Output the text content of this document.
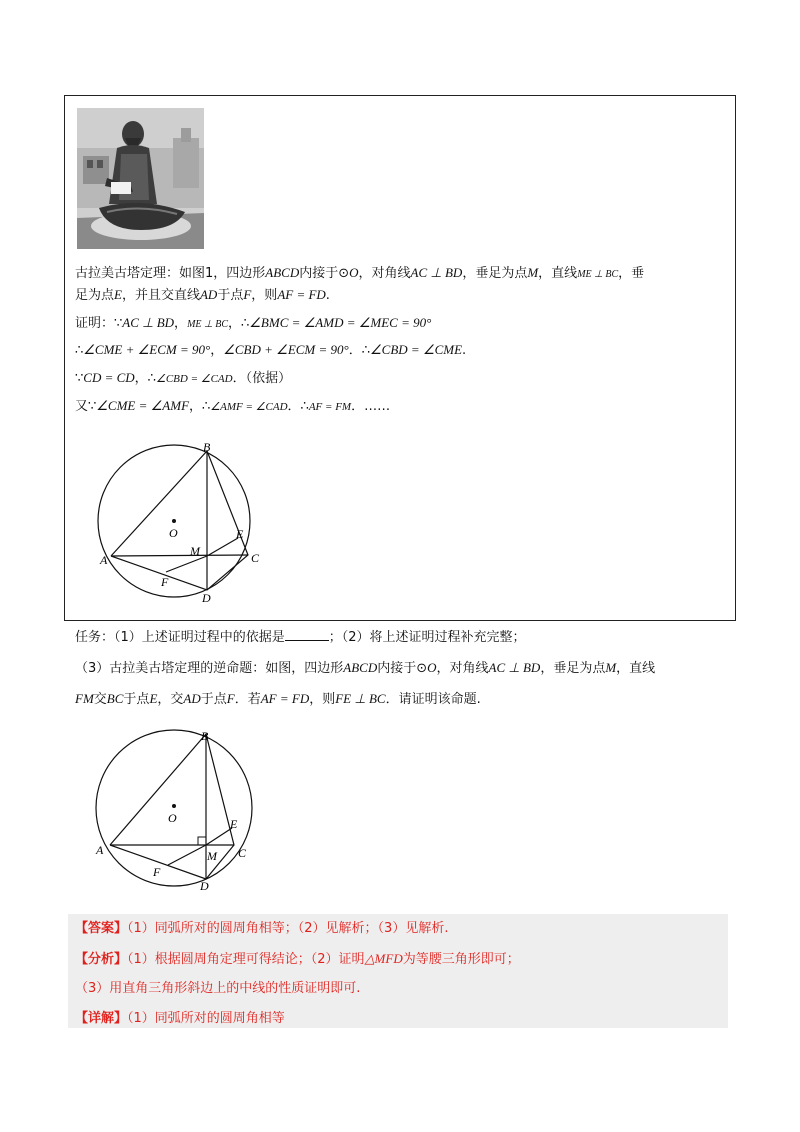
古拉美古塔定理：如图1，四边形ABCD内接于⊙O，对角线AC ⊥ BD，垂足为点M，直线ME ⊥ BC，垂
足为点E，并且交直线AD于点F，则AF = FD.
证明：∵AC ⊥ BD，ME ⊥ BC，∴∠BMC = ∠AMD = ∠MEC = 90°
∴∠CME + ∠ECM = 90°，∠CBD + ∠ECM = 90°．∴∠CBD = ∠CME.
∵CD = CD，∴∠CBD = ∠CAD．（依据）
又∵∠CME = ∠AMF，∴∠AMF = ∠CAD．∴AF = FM．……
O
A
B
C
D
E
F
M
任务：（1）上述证明过程中的依据是	；（2）将上述证明过程补充完整；
（3）古拉美古塔定理的逆命题：如图，四边形ABCD内接于⊙O，对角线AC ⊥ BD，垂足为点M，直线
FM交BC于点E，交AD于点F．若AF = FD，则FE ⊥ BC．请证明该命题.
O
A
B
C
D
E
F
M
【答案】（1）同弧所对的圆周角相等；（2）见解析；（3）见解析.
【分析】（1）根据圆周角定理可得结论；（2）证明△MFD为等腰三角形即可；
（3）用直角三角形斜边上的中线的性质证明即可.
【详解】（1）同弧所对的圆周角相等
